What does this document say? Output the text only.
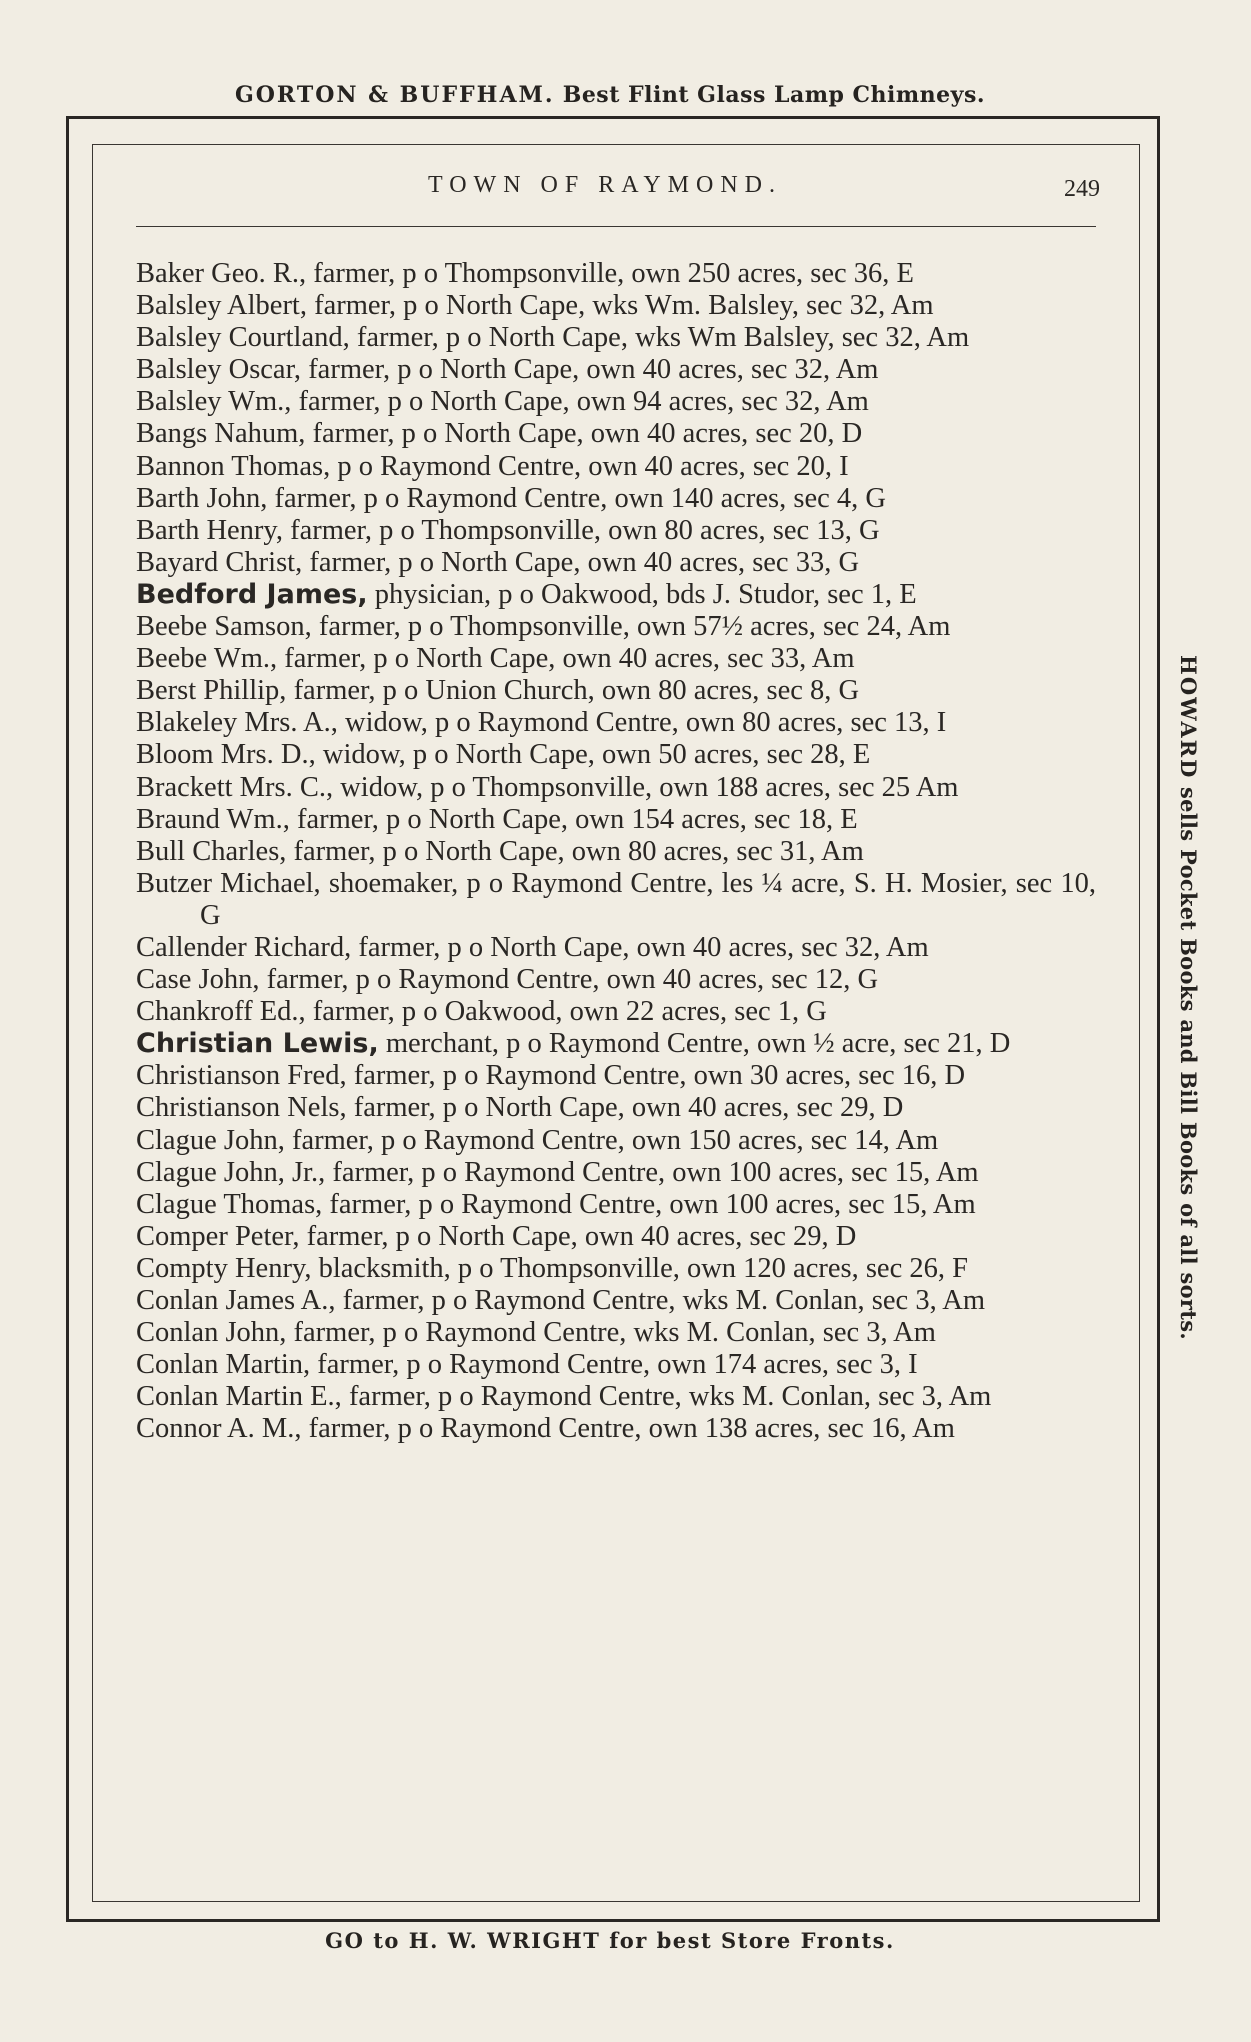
GORTON & BUFFHAM. Best Flint Glass Lamp Chimneys.
TOWN OF RAYMOND.	249
Baker Geo. R., farmer, p o Thompsonville, own 250 acres, sec 36, E
Balsley Albert, farmer, p o North Cape, wks Wm. Balsley, sec 32, Am
Balsley Courtland, farmer, p o North Cape, wks Wm Balsley, sec 32, Am
Balsley Oscar, farmer, p o North Cape, own 40 acres, sec 32, Am
Balsley Wm., farmer, p o North Cape, own 94 acres, sec 32, Am
Bangs Nahum, farmer, p o North Cape, own 40 acres, sec 20, D
Bannon Thomas, p o Raymond Centre, own 40 acres, sec 20, I
Barth John, farmer, p o Raymond Centre, own 140 acres, sec 4, G
Barth Henry, farmer, p o Thompsonville, own 80 acres, sec 13, G
Bayard Christ, farmer, p o North Cape, own 40 acres, sec 33, G
Bedford James, physician, p o Oakwood, bds J. Studor, sec 1, E
Beebe Samson, farmer, p o Thompsonville, own 57½ acres, sec 24, Am
Beebe Wm., farmer, p o North Cape, own 40 acres, sec 33, Am
Berst Phillip, farmer, p o Union Church, own 80 acres, sec 8, G
Blakeley Mrs. A., widow, p o Raymond Centre, own 80 acres, sec 13, I
Bloom Mrs. D., widow, p o North Cape, own 50 acres, sec 28, E
Brackett Mrs. C., widow, p o Thompsonville, own 188 acres, sec 25 Am
Braund Wm., farmer, p o North Cape, own 154 acres, sec 18, E
Bull Charles, farmer, p o North Cape, own 80 acres, sec 31, Am
Butzer Michael, shoemaker, p o Raymond Centre, les ¼ acre, S. H. Mosier, sec 10, G
Callender Richard, farmer, p o North Cape, own 40 acres, sec 32, Am
Case John, farmer, p o Raymond Centre, own 40 acres, sec 12, G
Chankroff Ed., farmer, p o Oakwood, own 22 acres, sec 1, G
Christian Lewis, merchant, p o Raymond Centre, own ½ acre, sec 21, D
Christianson Fred, farmer, p o Raymond Centre, own 30 acres, sec 16, D
Christianson Nels, farmer, p o North Cape, own 40 acres, sec 29, D
Clague John, farmer, p o Raymond Centre, own 150 acres, sec 14, Am
Clague John, Jr., farmer, p o Raymond Centre, own 100 acres, sec 15, Am
Clague Thomas, farmer, p o Raymond Centre, own 100 acres, sec 15, Am
Comper Peter, farmer, p o North Cape, own 40 acres, sec 29, D
Compty Henry, blacksmith, p o Thompsonville, own 120 acres, sec 26, F
Conlan James A., farmer, p o Raymond Centre, wks M. Conlan, sec 3, Am
Conlan John, farmer, p o Raymond Centre, wks M. Conlan, sec 3, Am
Conlan Martin, farmer, p o Raymond Centre, own 174 acres, sec 3, I
Conlan Martin E., farmer, p o Raymond Centre, wks M. Conlan, sec 3, Am
Connor A. M., farmer, p o Raymond Centre, own 138 acres, sec 16, Am
HOWARD sells Pocket Books and Bill Books of all sorts.
GO to H. W. WRIGHT for best Store Fronts.
